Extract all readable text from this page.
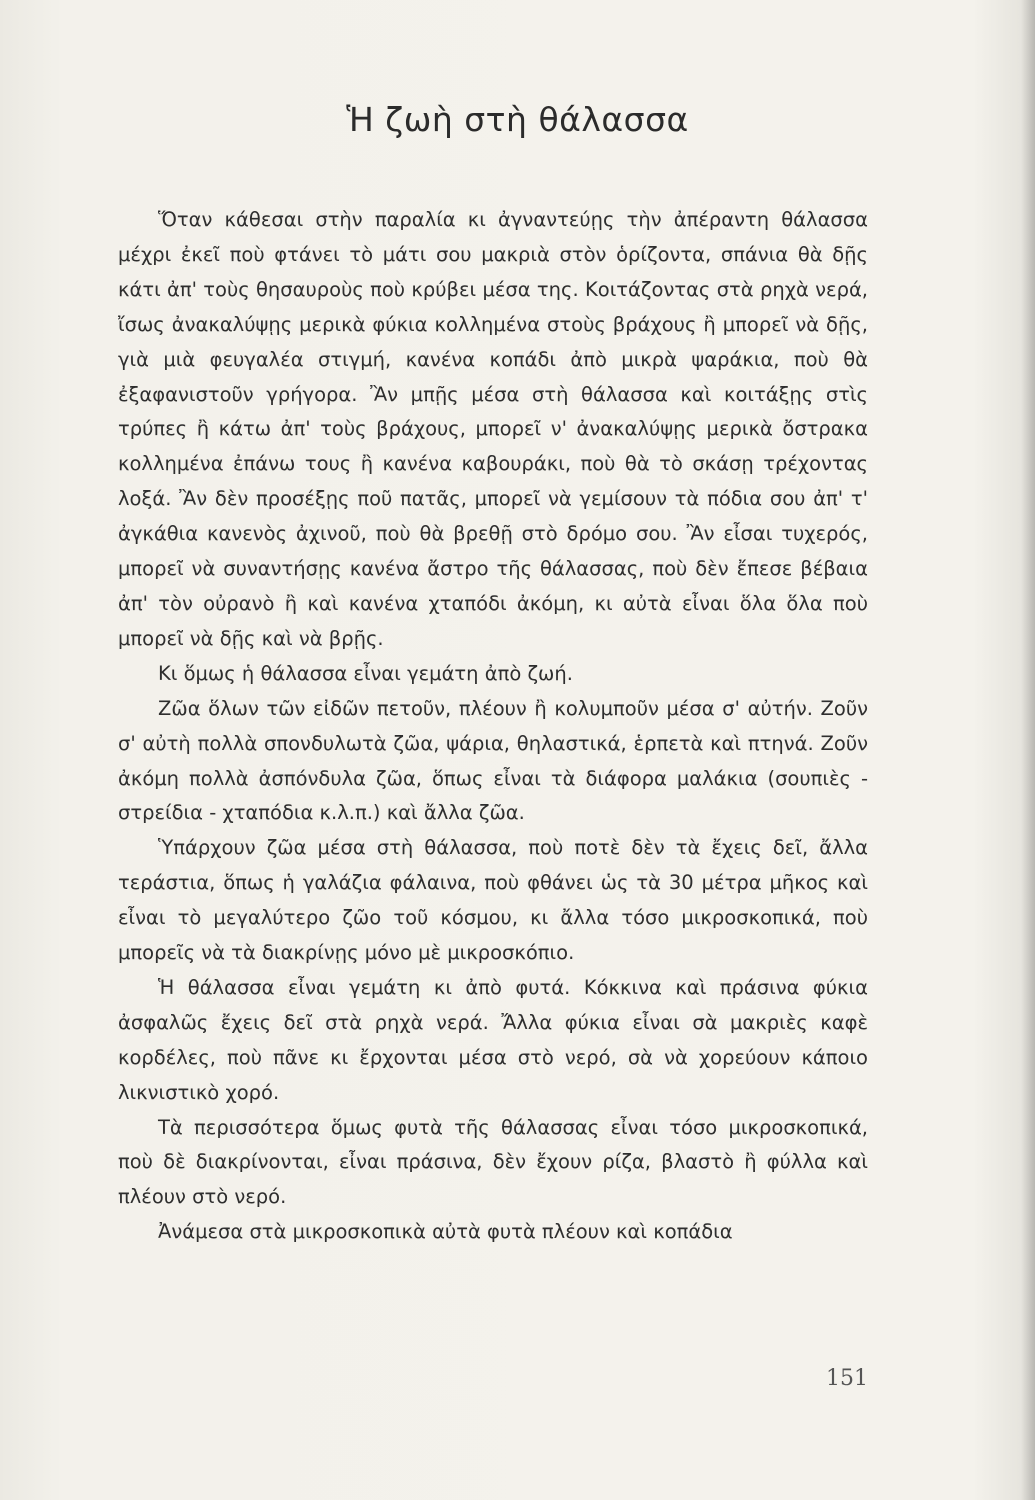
Ἡ ζωὴ στὴ θάλασσα

Ὅταν κάθεσαι στὴν παραλία κι ἀγναντεύῃς τὴν ἀπέραντη θάλασσα μέχρι ἐκεῖ ποὺ φτάνει τὸ μάτι σου μακριὰ στὸν ὁρίζοντα, σπάνια θὰ δῇς κάτι ἀπ' τοὺς θησαυροὺς ποὺ κρύβει μέσα της. Κοιτάζοντας στὰ ρηχὰ νερά, ἴσως ἀνακαλύψῃς μερικὰ φύκια κολλημένα στοὺς βράχους ἢ μπορεῖ νὰ δῇς, γιὰ μιὰ φευγαλέα στιγμή, κανένα κοπάδι ἀπὸ μικρὰ ψαράκια, ποὺ θὰ ἐξαφανιστοῦν γρήγορα. Ἂν μπῇς μέσα στὴ θάλασσα καὶ κοιτάξῃς στὶς τρύπες ἢ κάτω ἀπ' τοὺς βράχους, μπορεῖ ν' ἀνακαλύψῃς μερικὰ ὄστρακα κολλημένα ἐπάνω τους ἢ κανένα καβουράκι, ποὺ θὰ τὸ σκάσῃ τρέχοντας λοξά. Ἂν δὲν προσέξῃς ποῦ πατᾶς, μπορεῖ νὰ γεμίσουν τὰ πόδια σου ἀπ' τ' ἀγκάθια κανενὸς ἀχινοῦ, ποὺ θὰ βρεθῇ στὸ δρόμο σου. Ἂν εἶσαι τυχερός, μπορεῖ νὰ συναντήσῃς κανένα ἄστρο τῆς θάλασσας, ποὺ δὲν ἔπεσε βέβαια ἀπ' τὸν οὐρανὸ ἢ καὶ κανένα χταπόδι ἀκόμη, κι αὐτὰ εἶναι ὅλα ὅλα ποὺ μπορεῖ νὰ δῇς καὶ νὰ βρῇς.

Κι ὅμως ἡ θάλασσα εἶναι γεμάτη ἀπὸ ζωή.

Ζῶα ὅλων τῶν εἰδῶν πετοῦν, πλέουν ἢ κολυμποῦν μέσα σ' αὐτήν. Ζοῦν σ' αὐτὴ πολλὰ σπονδυλωτὰ ζῶα, ψάρια, θηλαστικά, ἑρπετὰ καὶ πτηνά. Ζοῦν ἀκόμη πολλὰ ἀσπόνδυλα ζῶα, ὅπως εἶναι τὰ διάφορα μαλάκια (σουπιὲς - στρείδια - χταπόδια κ.λ.π.) καὶ ἄλλα ζῶα.

Ὑπάρχουν ζῶα μέσα στὴ θάλασσα, ποὺ ποτὲ δὲν τὰ ἔχεις δεῖ, ἄλλα τεράστια, ὅπως ἡ γαλάζια φάλαινα, ποὺ φθάνει ὡς τὰ 30 μέτρα μῆκος καὶ εἶναι τὸ μεγαλύτερο ζῶο τοῦ κόσμου, κι ἄλλα τόσο μικροσκοπικά, ποὺ μπορεῖς νὰ τὰ διακρίνῃς μόνο μὲ μικροσκόπιο.

Ἡ θάλασσα εἶναι γεμάτη κι ἀπὸ φυτά. Κόκκινα καὶ πράσινα φύκια ἀσφαλῶς ἔχεις δεῖ στὰ ρηχὰ νερά. Ἄλλα φύκια εἶναι σὰ μακριὲς καφὲ κορδέλες, ποὺ πᾶνε κι ἔρχονται μέσα στὸ νερό, σὰ νὰ χορεύουν κάποιο λικνιστικὸ χορό.

Τὰ περισσότερα ὅμως φυτὰ τῆς θάλασσας εἶναι τόσο μικροσκοπικά, ποὺ δὲ διακρίνονται, εἶναι πράσινα, δὲν ἔχουν ρίζα, βλαστὸ ἢ φύλλα καὶ πλέουν στὸ νερό.

Ἀνάμεσα στὰ μικροσκοπικὰ αὐτὰ φυτὰ πλέουν καὶ κοπάδια

151
